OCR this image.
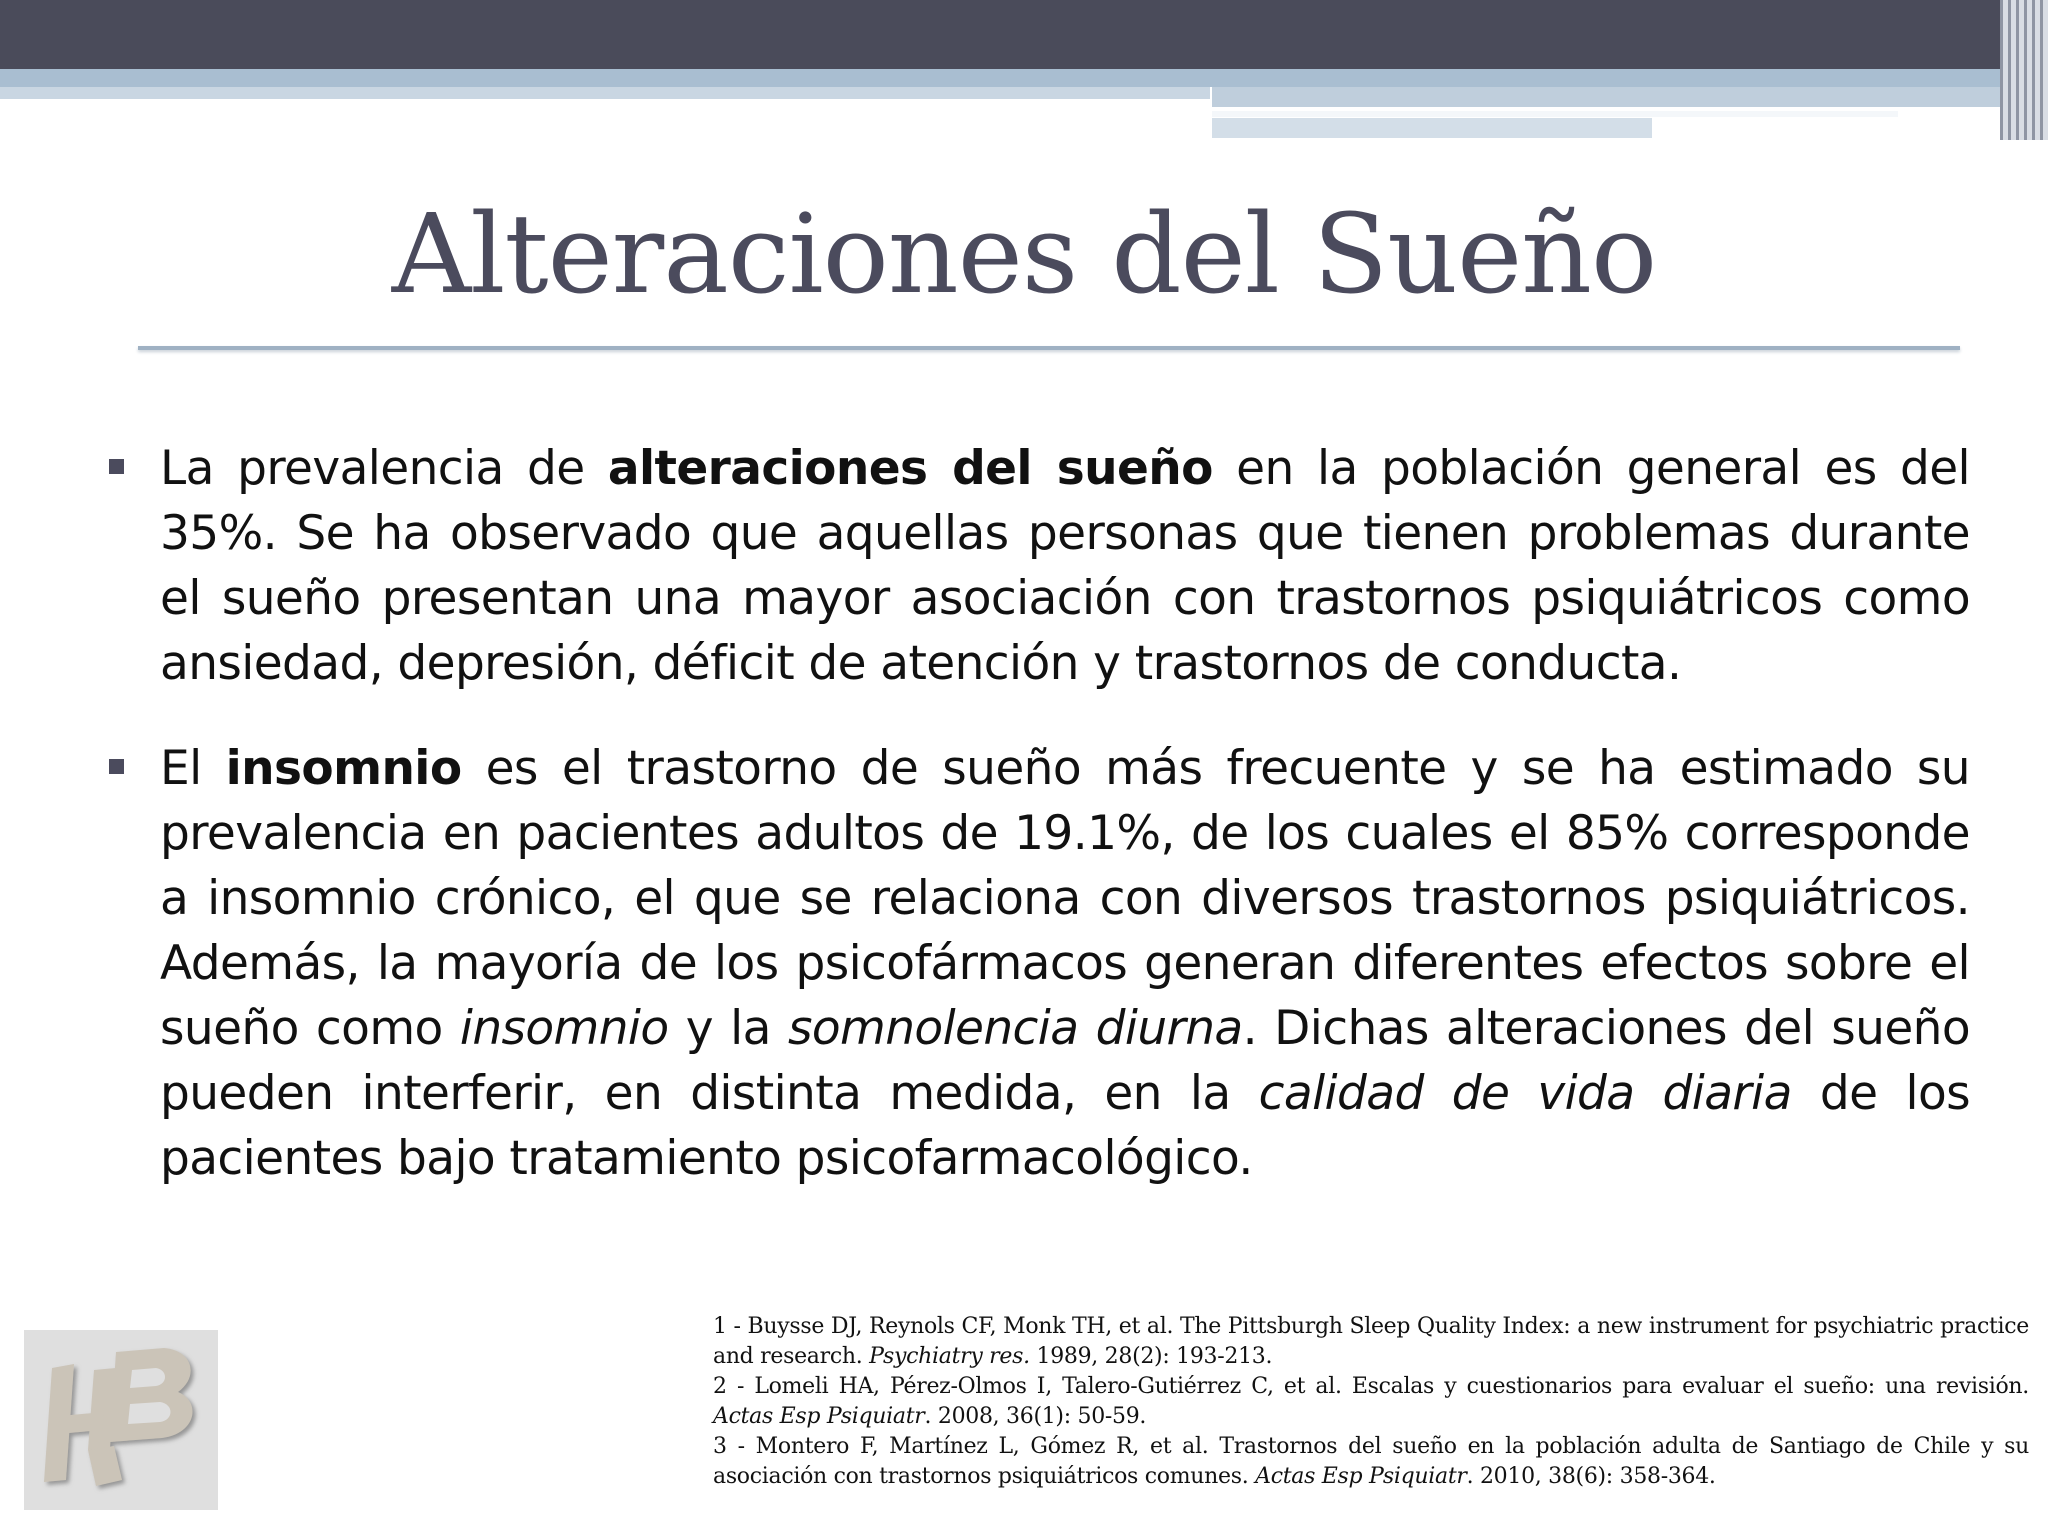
Alteraciones del Sueño

La prevalencia de alteraciones del sueño en la población general es del 35%. Se ha observado que aquellas personas que tienen problemas durante el sueño presentan una mayor asociación con trastornos psiquiátricos como ansiedad, depresión, déficit de atención y trastornos de conducta.

El insomnio es el trastorno de sueño más frecuente y se ha estimado su prevalencia en pacientes adultos de 19.1%, de los cuales el 85% corresponde a insomnio crónico, el que se relaciona con diversos trastornos psiquiátricos. Además, la mayoría de los psicofármacos generan diferentes efectos sobre el sueño como insomnio y la somnolencia diurna. Dichas alteraciones del sueño pueden interferir, en distinta medida, en la calidad de vida diaria de los pacientes bajo tratamiento psicofarmacológico.

1 - Buysse DJ, Reynols CF, Monk TH, et al. The Pittsburgh Sleep Quality Index: a new instrument for psychiatric practice and research. Psychiatry res. 1989, 28(2): 193-213.

2 - Lomeli HA, Pérez-Olmos I, Talero-Gutiérrez C, et al. Escalas y cuestionarios para evaluar el sueño: una revisión. Actas Esp Psiquiatr. 2008, 36(1): 50-59.

3 - Montero F, Martínez L, Gómez R, et al. Trastornos del sueño en la población adulta de Santiago de Chile y su asociación con trastornos psiquiátricos comunes. Actas Esp Psiquiatr. 2010, 38(6): 358-364.
